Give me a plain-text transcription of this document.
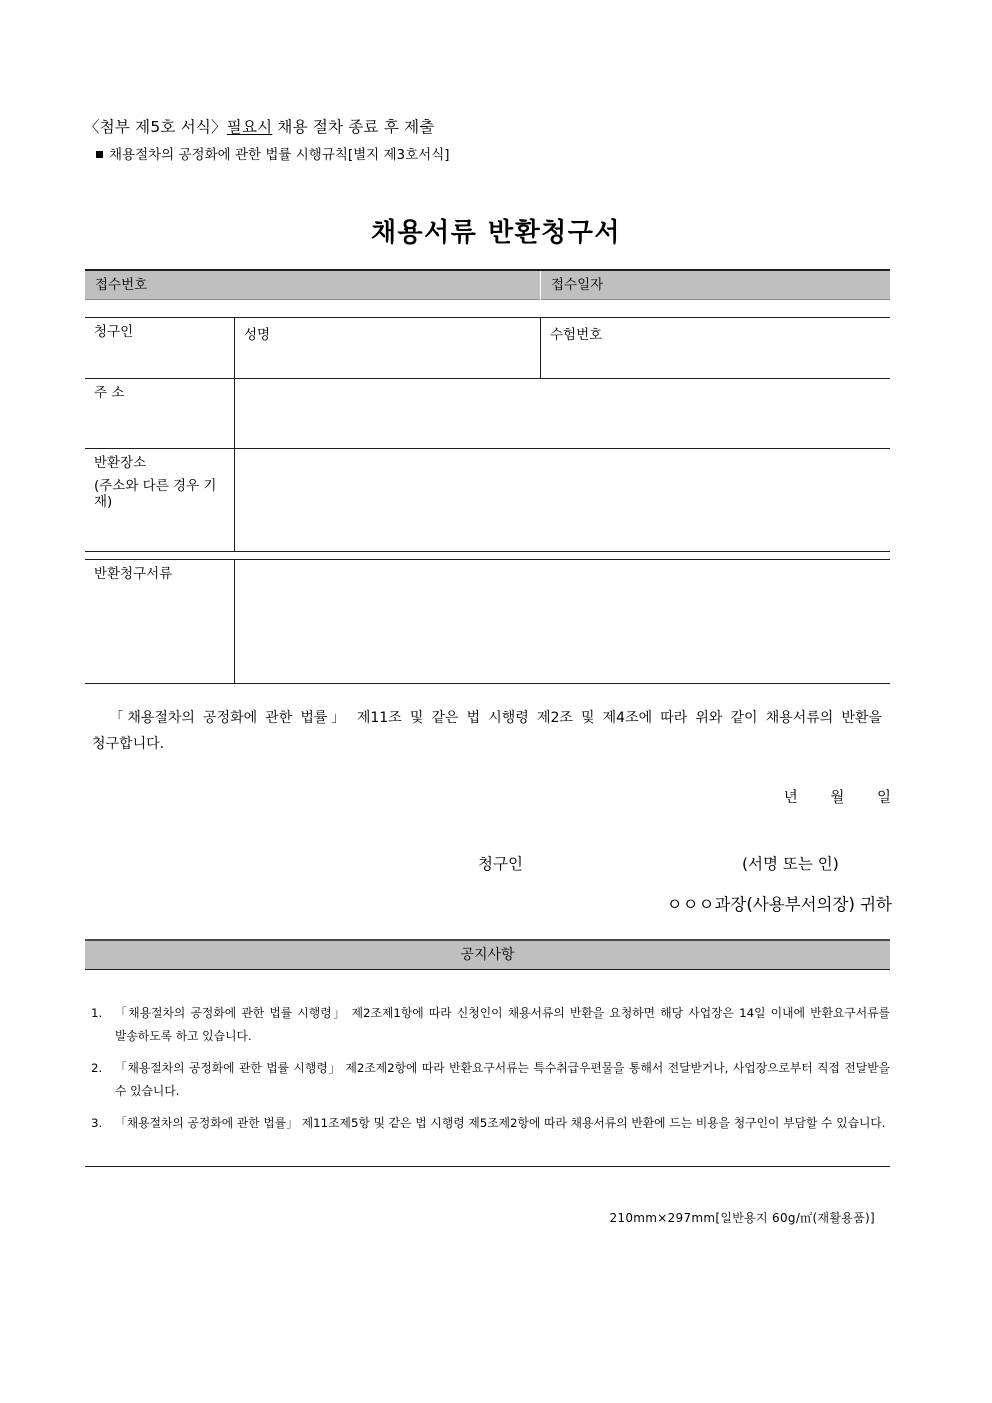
〈첨부 제5호 서식〉필요시 채용 절차 종료 후 제출
채용절차의 공정화에 관한 법률 시행규칙[별지 제3호서식]
채용서류 반환청구서
접수번호	접수일자
청구인	성명	수험번호
주 소
반환장소
(주소와 다른 경우 기재)
반환청구서류
「채용절차의 공정화에 관한 법률」 제11조 및 같은 법 시행령 제2조 및 제4조에 따라 위와 같이 채용서류의 반환을 청구합니다.
년 월 일
청구인	(서명 또는 인)
ㅇㅇㅇ과장(사용부서의장) 귀하
공지사항
1.	「채용절차의 공정화에 관한 법률 시행령」 제2조제1항에 따라 신청인이 채용서류의 반환을 요청하면 해당 사업장은 14일 이내에 반환요구서류를 발송하도록 하고 있습니다.
2.	「채용절차의 공정화에 관한 법률 시행령」 제2조제2항에 따라 반환요구서류는 특수취급우편물을 통해서 전달받거나, 사업장으로부터 직접 전달받을 수 있습니다.
3.	「채용절차의 공정화에 관한 법률」 제11조제5항 및 같은 법 시행령 제5조제2항에 따라 채용서류의 반환에 드는 비용을 청구인이 부담할 수 있습니다.
210mm×297mm[일반용지 60g/㎡(재활용품)]
